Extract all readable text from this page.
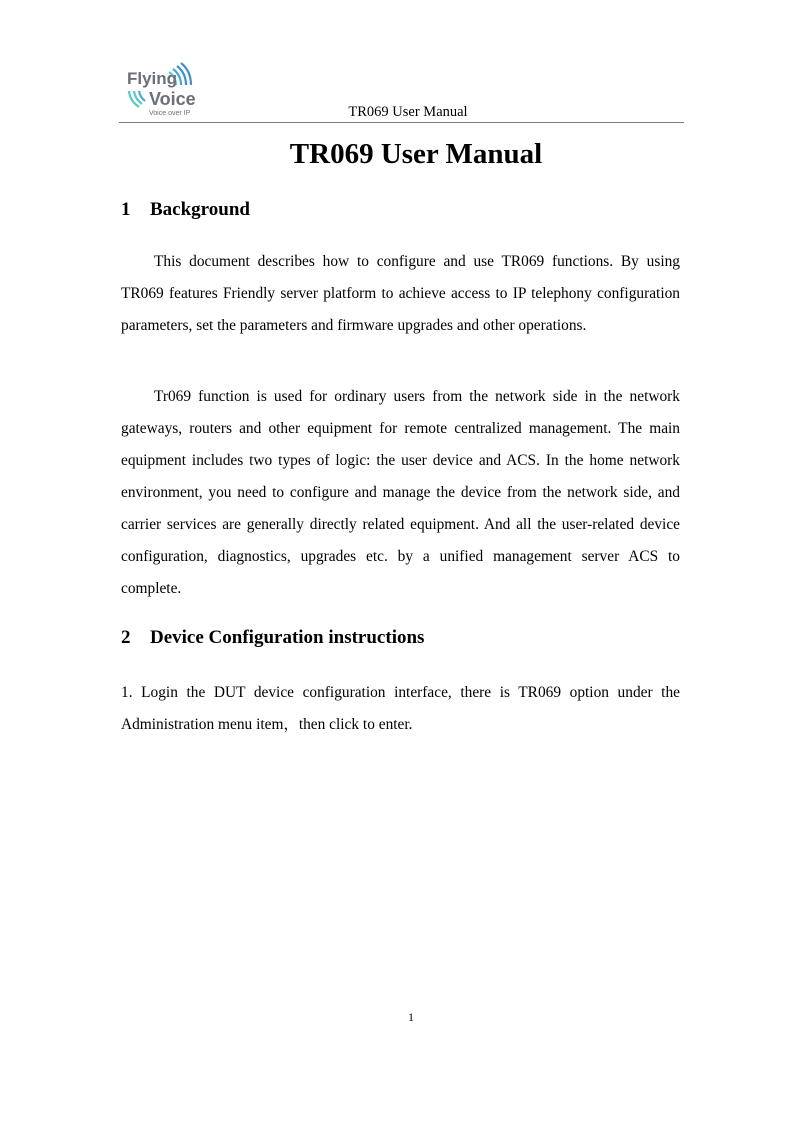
Flying
Voice
Voice over IP	TR069 User Manual
TR069 User Manual
1 Background

This document describes how to configure and use TR069 functions. By using TR069 features Friendly server platform to achieve access to IP telephony configuration parameters, set the parameters and firmware upgrades and other operations.

Tr069 function is used for ordinary users from the network side in the network gateways, routers and other equipment for remote centralized management. The main equipment includes two types of logic: the user device and ACS. In the home network environment, you need to configure and manage the device from the network side, and carrier services are generally directly related equipment. And all the user-related device configuration, diagnostics, upgrades etc. by a unified management server ACS to complete.

2 Device Configuration instructions

1. Login the DUT device configuration interface, there is TR069 option under the Administration menu item，then click to enter.

1
